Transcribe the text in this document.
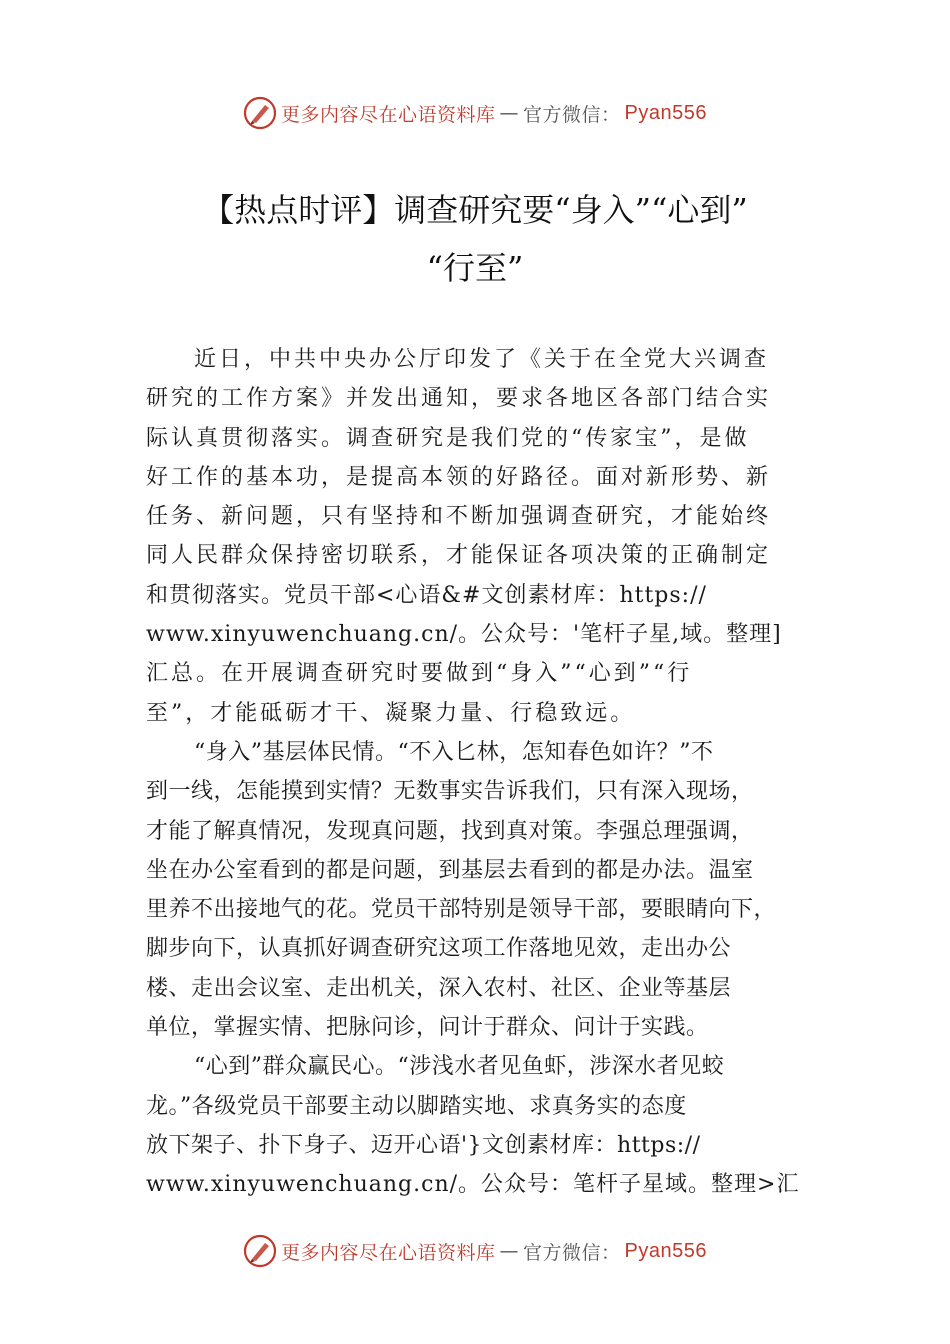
更多内容尽在心语资料库 — 官方微信： Pyan556
【热点时评】调查研究要“身入”“心到”
“行至”
近日，中共中央办公厅印发了《关于在全党大兴调查
研究的工作方案》并发出通知，要求各地区各部门结合实
际认真贯彻落实。调查研究是我们党的“传家宝”，是做
好工作的基本功，是提高本领的好路径。面对新形势、新
任务、新问题，只有坚持和不断加强调查研究，才能始终
同人民群众保持密切联系，才能保证各项决策的正确制定
和贯彻落实。党员干部<心语&#文创素材库：https://
www.xinyuwenchuang.cn/。公众号：'笔杆子星,域。整理]
汇总。在开展调查研究时要做到“身入”“心到”“行
至”，才能砥砺才干、凝聚力量、行稳致远。
“身入”基层体民情。“不入⼔林，怎知春色如许？”不
到一线，怎能摸到实情？无数事实告诉我们，只有深入现场，
才能了解真情况，发现真问题，找到真对策。李强总理强调，
坐在办公室看到的都是问题，到基层去看到的都是办法。温室
里养不出接地气的花。党员干部特别是领导干部，要眼睛向下，
脚步向下，认真抓好调查研究这项工作落地见效，走出办公
楼、走出会议室、走出机关，深入农村、社区、企业等基层
单位，掌握实情、把脉问诊，问计于群众、问计于实践。
“心到”群众赢民心。“涉浅水者见鱼虾，涉深水者见蛟
龙。”各级党员干部要主动以脚踏实地、求真务实的态度
放下架子、扑下身子、迈开心语'}文创素材库：https://
www.xinyuwenchuang.cn/。公众号：笔杆子星域。整理>汇
更多内容尽在心语资料库 — 官方微信： Pyan556
